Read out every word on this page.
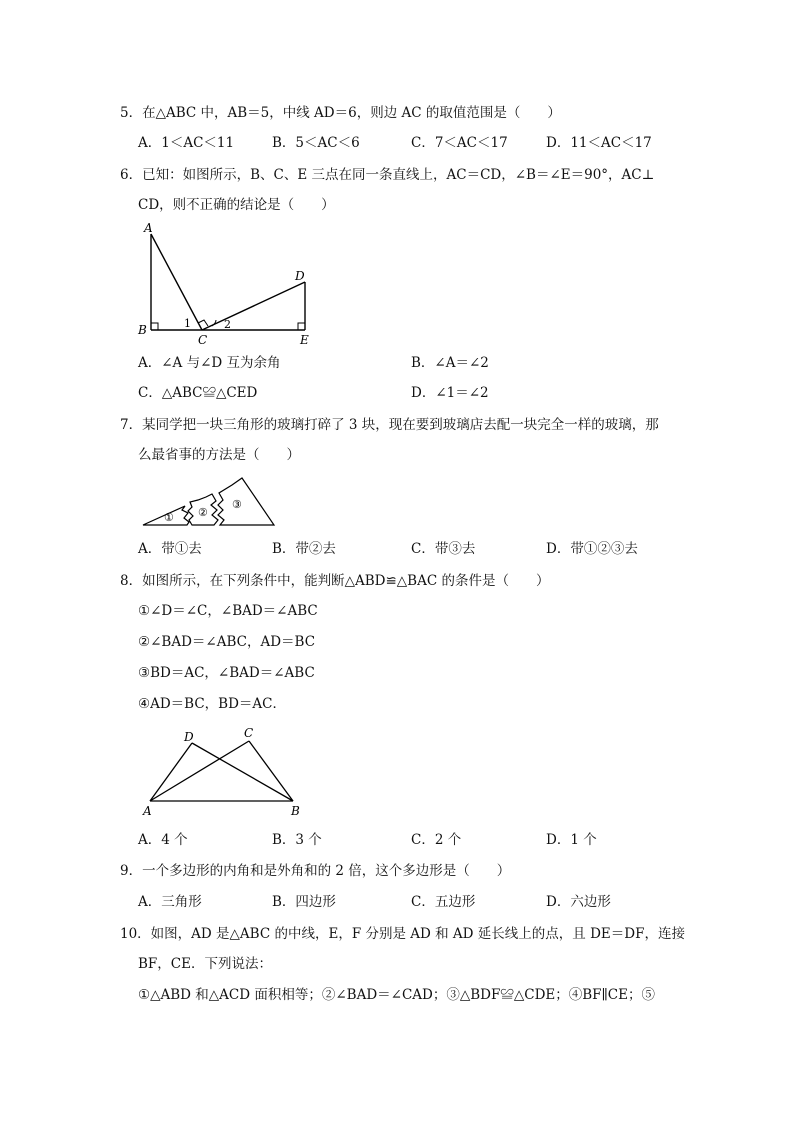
5．在△ABC 中，AB＝5，中线 AD＝6，则边 AC 的取值范围是（　　）
A．1＜AC＜11	B．5＜AC＜6	C．7＜AC＜17	D．11＜AC＜17
6．已知：如图所示，B、C、E 三点在同一条直线上，AC＝CD，∠B＝∠E＝90°，AC⊥
CD，则不正确的结论是（　　）
A
B
C
D
E
1	2
A．∠A 与∠D 互为余角	B．∠A＝∠2
C．△ABC≌△CED	D．∠1＝∠2
7．某同学把一块三角形的玻璃打碎了 3 块，现在要到玻璃店去配一块完全一样的玻璃，那
么最省事的方法是（　　）
① ②
③
A．带①去	B．带②去	C．带③去	D．带①②③去
8．如图所示，在下列条件中，能判断△ABD≌△BAC 的条件是（　　）
①∠D＝∠C，∠BAD＝∠ABC
②∠BAD＝∠ABC，AD＝BC
③BD＝AC，∠BAD＝∠ABC
④AD＝BC，BD＝AC．
A	B
C
D
A．4 个	B．3 个	C．2 个	D．1 个
9．一个多边形的内角和是外角和的 2 倍，这个多边形是（　　）
A．三角形	B．四边形	C．五边形	D．六边形
10．如图，AD 是△ABC 的中线，E，F 分别是 AD 和 AD 延长线上的点，且 DE＝DF，连接
BF，CE．下列说法：
①△ABD 和△ACD 面积相等；②∠BAD＝∠CAD；③△BDF≌△CDE；④BF∥CE；⑤
